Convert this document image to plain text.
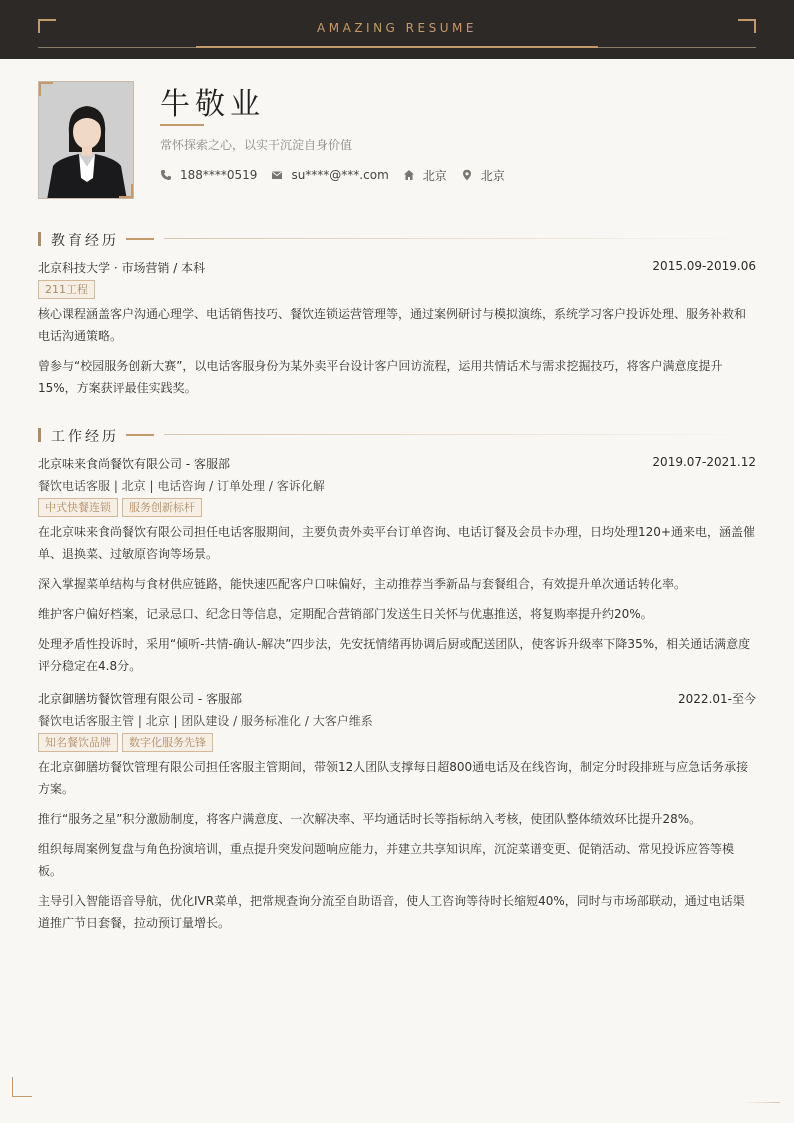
AMAZING RESUME
牛敬业
常怀探索之心，以实干沉淀自身价值
188****0519	su****@***.com	北京	北京
教育经历
北京科技大学 · 市场营销 / 本科	2015.09-2019.06
211工程
核心课程涵盖客户沟通心理学、电话销售技巧、餐饮连锁运营管理等，通过案例研讨与模拟演练，系统学习客户投诉处理、服务补救和电话沟通策略。
曾参与“校园服务创新大赛”，以电话客服身份为某外卖平台设计客户回访流程，运用共情话术与需求挖掘技巧，将客户满意度提升15%，方案获评最佳实践奖。
工作经历
北京味来食尚餐饮有限公司 - 客服部	2019.07-2021.12
餐饮电话客服 | 北京 | 电话咨询 / 订单处理 / 客诉化解
中式快餐连锁	服务创新标杆
在北京味来食尚餐饮有限公司担任电话客服期间，主要负责外卖平台订单咨询、电话订餐及会员卡办理，日均处理120+通来电，涵盖催单、退换菜、过敏原咨询等场景。
深入掌握菜单结构与食材供应链路，能快速匹配客户口味偏好，主动推荐当季新品与套餐组合，有效提升单次通话转化率。
维护客户偏好档案，记录忌口、纪念日等信息，定期配合营销部门发送生日关怀与优惠推送，将复购率提升约20%。
处理矛盾性投诉时，采用“倾听-共情-确认-解决”四步法，先安抚情绪再协调后厨或配送团队，使客诉升级率下降35%，相关通话满意度评分稳定在4.8分。
北京御膳坊餐饮管理有限公司 - 客服部	2022.01-至今
餐饮电话客服主管 | 北京 | 团队建设 / 服务标准化 / 大客户维系
知名餐饮品牌	数字化服务先锋
在北京御膳坊餐饮管理有限公司担任客服主管期间，带领12人团队支撑每日超800通电话及在线咨询，制定分时段排班与应急话务承接方案。
推行“服务之星”积分激励制度，将客户满意度、一次解决率、平均通话时长等指标纳入考核，使团队整体绩效环比提升28%。
组织每周案例复盘与角色扮演培训，重点提升突发问题响应能力，并建立共享知识库，沉淀菜谱变更、促销活动、常见投诉应答等模板。
主导引入智能语音导航，优化IVR菜单，把常规查询分流至自助语音，使人工咨询等待时长缩短40%，同时与市场部联动，通过电话渠道推广节日套餐，拉动预订量增长。
